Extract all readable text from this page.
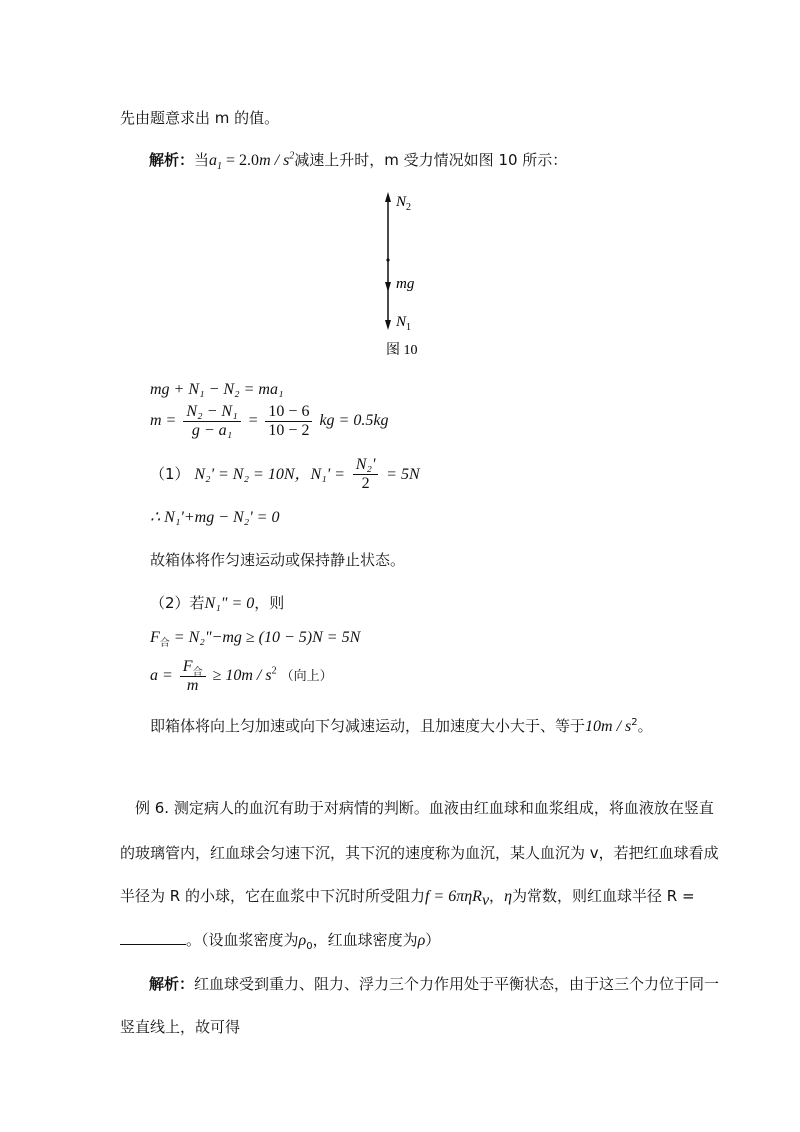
先由题意求出 m 的值。
解析：当$a_1 = 2.0m / s^2$减速上升时，m 受力情况如图 10 所示：
$N_2$
mg
$N_1$
图 10
mg + N₁ − N₂ = ma₁
$m = \frac{\text{N₂ − N₁}}{\text{g − a₁}} = \frac{10 - 6}{10 - 2}$ kg = 0.5kg
（1） N₂' = N₂ = 10N，$N_1' = \frac{\text{N₂'}}{2} = 5N$
∴ N₁'+mg − N₂' = 0
故箱体将作匀速运动或保持静止状态。
（2）若N₁" = 0，则
$F_合$ = N₂"−mg ≥ (10 − 5)N = 5N
$a = \frac{F_合}{m} \ge 10m / s^2$ （向上）
即箱体将向上匀加速或向下匀减速运动，且加速度大小大于、等于$10m / s^2$。
例 6. 测定病人的血沉有助于对病情的判断。血液由红血球和血浆组成，将血液放在竖直
的玻璃管内，红血球会匀速下沉，其下沉的速度称为血沉，某人血沉为 v，若把红血球看成
半径为 R 的小球，它在血浆中下沉时所受阻力f = 6πηR$_v$，η为常数，则红血球半径 R =
。（设血浆密度为$\rho_0$，红血球密度为ρ）
解析：红血球受到重力、阻力、浮力三个力作用处于平衡状态，由于这三个力位于同一
竖直线上，故可得
